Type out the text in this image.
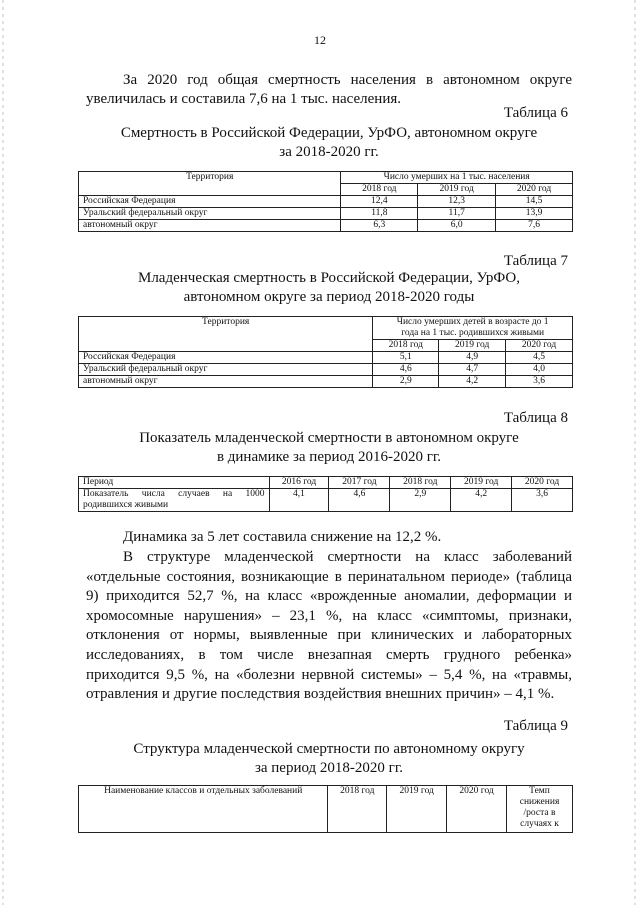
12
За 2020 год общая смертность населения в автономном округе
увеличилась и составила 7,6 на 1 тыс. населения.
Таблица 6
Смертность в Российской Федерации, УрФО, автономном округе
за 2018-2020 гг.
Территория	Число умерших на 1 тыс. населения		
	2018 год	2019 год	2020 год
Российская Федерация	12,4	12,3	14,5
Уральский федеральный округ	11,8	11,7	13,9
автономный округ	6,3	6,0	7,6
Таблица 7
Младенческая смертность в Российской Федерации, УрФО,
автономном округе за период 2018-2020 годы
Территория	Число умерших детей в возрасте до 1
года на 1 тыс. родившихся живыми		

	2018 год	2019 год	2020 год
Российская Федерация	5,1	4,9	4,5
Уральский федеральный округ	4,6	4,7	4,0
автономный округ	2,9	4,2	3,6
Таблица 8
Показатель младенческой смертности в автономном округе
в динамике за период 2016-2020 гг.
Период	2016 год	2017 год	2018 год	2019 год	2020 год

Показатель числа случаев на 1000
родившихся живыми	4,1	4,6	2,9	4,2	3,6
Динамика за 5 лет составила снижение на 12,2 %.
В структуре младенческой смертности на класс заболеваний «отдельные состояния, возникающие в перинатальном периоде» (таблица 9) приходится 52,7 %, на класс «врожденные аномалии, деформации и хромосомные нарушения» – 23,1 %, на класс «симптомы, признаки, отклонения от нормы, выявленные при клинических и лабораторных исследованиях, в том числе внезапная смерть грудного ребенка» приходится 9,5 %, на «болезни нервной системы» – 5,4 %, на «травмы, отравления и другие последствия воздействия внешних причин» – 4,1 %.
Таблица 9
Структура младенческой смертности по автономному округу
за период 2018-2020 гг.
Наименование классов и отдельных заболеваний	2018 год	2019 год	2020 год	Темп
снижения
/роста в
случаях к
